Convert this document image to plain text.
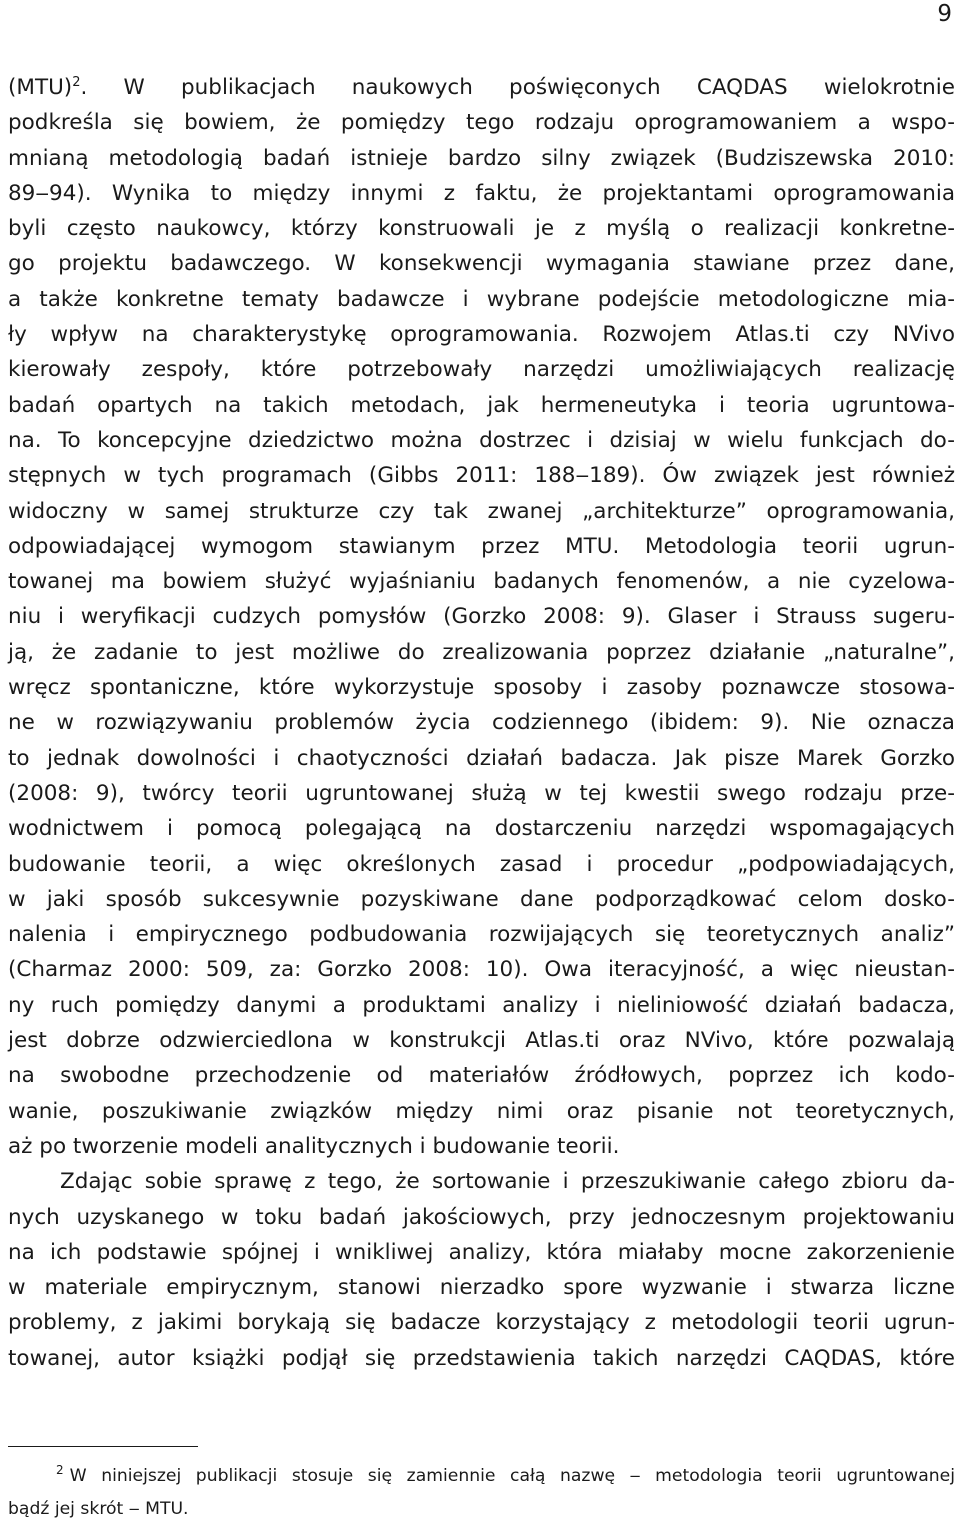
9
(MTU)$^2$. W publikacjach naukowych poświęconych CAQDAS wielokrotnie
podkreśla się bowiem, że pomiędzy tego rodzaju oprogramowaniem a wspo-
mnianą metodologią badań istnieje bardzo silny związek (Budziszewska 2010:
89‒94). Wynika to między innymi z faktu, że projektantami oprogramowania
byli często naukowcy, którzy konstruowali je z myślą o realizacji konkretne-
go projektu badawczego. W konsekwencji wymagania stawiane przez dane,
a także konkretne tematy badawcze i wybrane podejście metodologiczne mia-
ły wpływ na charakterystykę oprogramowania. Rozwojem Atlas.ti czy NVivo
kierowały zespoły, które potrzebowały narzędzi umożliwiających realizację
badań opartych na takich metodach, jak hermeneutyka i teoria ugruntowa-
na. To koncepcyjne dziedzictwo można dostrzec i dzisiaj w wielu funkcjach do-
stępnych w tych programach (Gibbs 2011: 188‒189). Ów związek jest również
widoczny w samej strukturze czy tak zwanej „architekturze” oprogramowania,
odpowiadającej wymogom stawianym przez MTU. Metodologia teorii ugrun-
towanej ma bowiem służyć wyjaśnianiu badanych fenomenów, a nie cyzelowa-
niu i weryfikacji cudzych pomysłów (Gorzko 2008: 9). Glaser i Strauss sugeru-
ją, że zadanie to jest możliwe do zrealizowania poprzez działanie „naturalne”,
wręcz spontaniczne, które wykorzystuje sposoby i zasoby poznawcze stosowa-
ne w rozwiązywaniu problemów życia codziennego (ibidem: 9). Nie oznacza
to jednak dowolności i chaotyczności działań badacza. Jak pisze Marek Gorzko
(2008: 9), twórcy teorii ugruntowanej służą w tej kwestii swego rodzaju prze-
wodnictwem i pomocą polegającą na dostarczeniu narzędzi wspomagających
budowanie teorii, a więc określonych zasad i procedur „podpowiadających,
w jaki sposób sukcesywnie pozyskiwane dane podporządkować celom dosko-
nalenia i empirycznego podbudowania rozwijających się teoretycznych analiz”
(Charmaz 2000: 509, za: Gorzko 2008: 10). Owa iteracyjność, a więc nieustan-
ny ruch pomiędzy danymi a produktami analizy i nieliniowość działań badacza,
jest dobrze odzwierciedlona w konstrukcji Atlas.ti oraz NVivo, które pozwalają
na swobodne przechodzenie od materiałów źródłowych, poprzez ich kodo-
wanie, poszukiwanie związków między nimi oraz pisanie not teoretycznych,
aż po tworzenie modeli analitycznych i budowanie teorii.
Zdając sobie sprawę z tego, że sortowanie i przeszukiwanie całego zbioru da-
nych uzyskanego w toku badań jakościowych, przy jednoczesnym projektowaniu
na ich podstawie spójnej i wnikliwej analizy, która miałaby mocne zakorzenienie
w materiale empirycznym, stanowi nierzadko spore wyzwanie i stwarza liczne
problemy, z jakimi borykają się badacze korzystający z metodologii teorii ugrun-
towanej, autor książki podjął się przedstawienia takich narzędzi CAQDAS, które
$^2$ W niniejszej publikacji stosuje się zamiennie całą nazwę ‒ metodologia teorii ugruntowanej
bądź jej skrót ‒ MTU.
